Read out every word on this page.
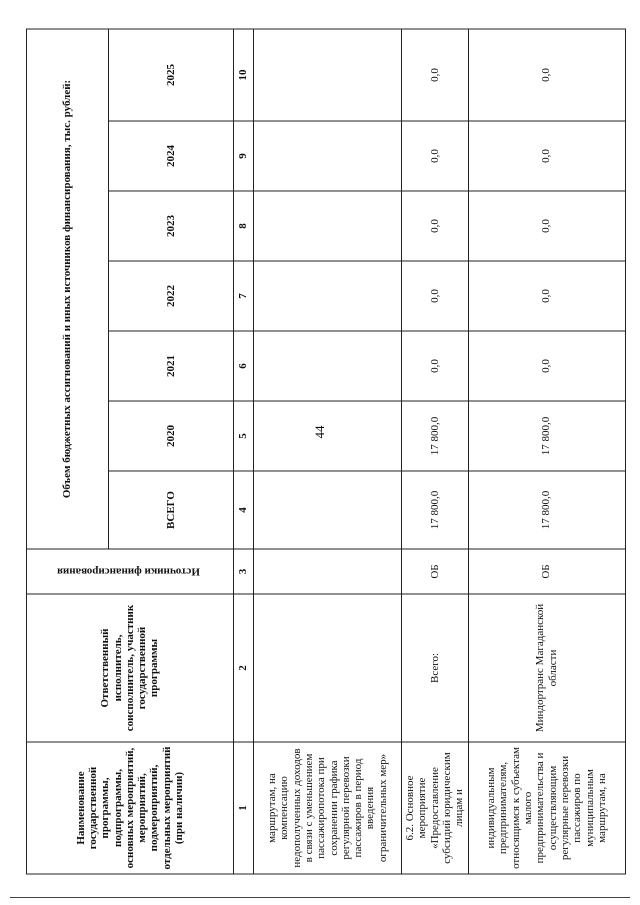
44
Наименование государственной программы, подпрограммы, основных мероприятий, мероприятий, подмероприятий, отдельных мероприятий (при наличии)	Ответственный исполнитель, соисполнитель, участник государственной программы	Источники финансирования	Объем бюджетных ассигнований и иных источников финансирования, тыс. рублей:						
			ВСЕГО	2020	2021	2022	2023	2024	2025
1	2	3	4	5	6	7	8	9	10
маршрутам, на компенсацию недополученных доходов в связи с уменьшением пассажиропотока при сохранении графика регулярной перевозки пассажиров в период введения ограничительных мер»									
6.2. Основное мероприятие «Предоставление субсидий юридическим лицам и	Всего:	ОБ	17 800,0	17 800,0	0,0	0,0	0,0	0,0	0,0
индивидуальным предпринимателям, относящимся к субъектам малого предпринимательства и осуществляющим регулярные перевозки пассажиров по муниципальным маршрутам, на	Миндортранс Магаданской области	ОБ	17 800,0	17 800,0	0,0	0,0	0,0	0,0	0,0
